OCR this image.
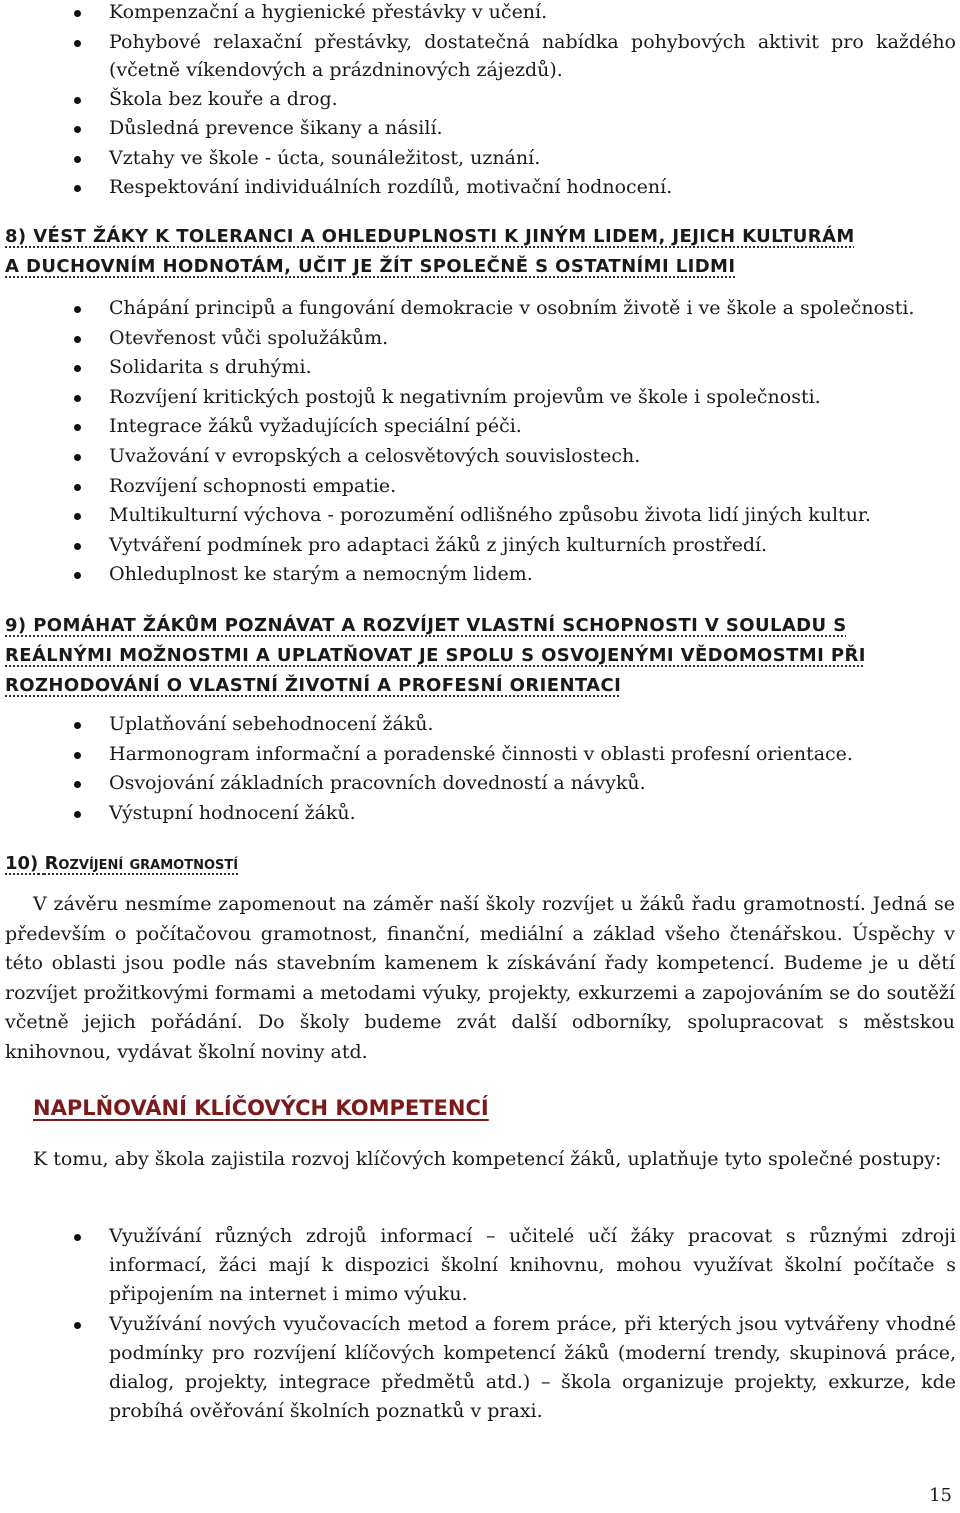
Kompenzační a hygienické přestávky v učení.
Pohybové relaxační přestávky, dostatečná nabídka pohybových aktivit pro každého (včetně víkendových a prázdninových zájezdů).
Škola bez kouře a drog.
Důsledná prevence šikany a násilí.
Vztahy ve škole - úcta, sounáležitost, uznání.
Respektování individuálních rozdílů, motivační hodnocení.
8) VÉST ŽÁKY K TOLERANCI A OHLEDUPLNOSTI K JINÝM LIDEM, JEJICH KULTURÁM
A DUCHOVNÍM HODNOTÁM, UČIT JE ŽÍT SPOLEČNĚ S OSTATNÍMI LIDMI
Chápání principů a fungování demokracie v osobním životě i ve škole a společnosti.
Otevřenost vůči spolužákům.
Solidarita s druhými.
Rozvíjení kritických postojů k negativním projevům ve škole i společnosti.
Integrace žáků vyžadujících speciální péči.
Uvažování v evropských a celosvětových souvislostech.
Rozvíjení schopnosti empatie.
Multikulturní výchova - porozumění odlišného způsobu života lidí jiných kultur.
Vytváření podmínek pro adaptaci žáků z jiných kulturních prostředí.
Ohleduplnost ke starým a nemocným lidem.
9) POMÁHAT ŽÁKŮM POZNÁVAT A ROZVÍJET VLASTNÍ SCHOPNOSTI V SOULADU S
REÁLNÝMI MOŽNOSTMI A UPLATŇOVAT JE SPOLU S OSVOJENÝMI VĚDOMOSTMI PŘI
ROZHODOVÁNÍ O VLASTNÍ ŽIVOTNÍ A PROFESNÍ ORIENTACI
Uplatňování sebehodnocení žáků.
Harmonogram informační a poradenské činnosti v oblasti profesní orientace.
Osvojování základních pracovních dovedností a návyků.
Výstupní hodnocení žáků.
10) Rozvíjení gramotností
V závěru nesmíme zapomenout na záměr naší školy rozvíjet u žáků řadu gramotností. Jedná se především o počítačovou gramotnost, finanční, mediální a základ všeho čtenářskou. Úspěchy v této oblasti jsou podle nás stavebním kamenem k získávání řady kompetencí. Budeme je u dětí rozvíjet prožitkovými formami a metodami výuky, projekty, exkurzemi a zapojováním se do soutěží včetně jejich pořádání. Do školy budeme zvát další odborníky, spolupracovat s městskou knihovnou, vydávat školní noviny atd.
NAPLŇOVÁNÍ KLÍČOVÝCH KOMPETENCÍ
K tomu, aby škola zajistila rozvoj klíčových kompetencí žáků, uplatňuje tyto společné postupy:
Využívání různých zdrojů informací – učitelé učí žáky pracovat s různými zdroji informací, žáci mají k dispozici školní knihovnu, mohou využívat školní počítače s připojením na internet i mimo výuku.
Využívání nových vyučovacích metod a forem práce, při kterých jsou vytvářeny vhodné podmínky pro rozvíjení klíčových kompetencí žáků (moderní trendy, skupinová práce, dialog, projekty, integrace předmětů atd.) – škola organizuje projekty, exkurze, kde probíhá ověřování školních poznatků v praxi.
15
